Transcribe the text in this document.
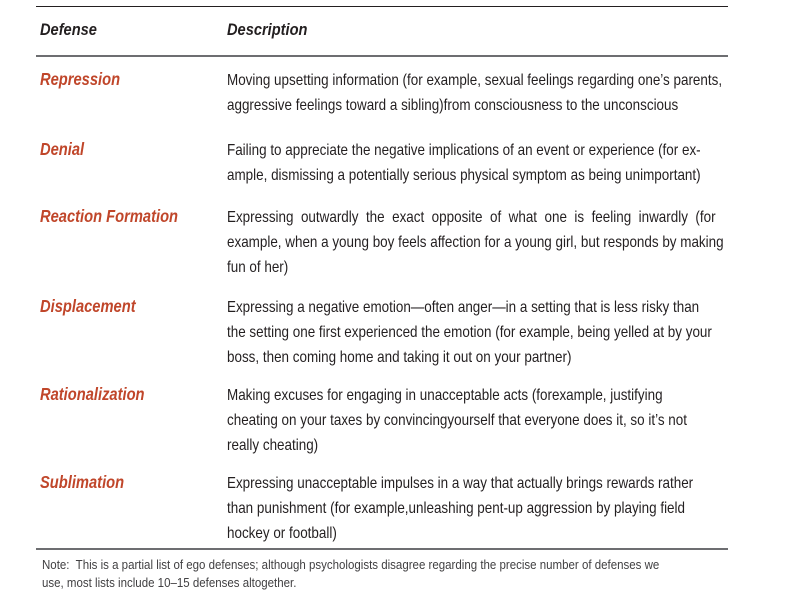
Defense	Description
Repression	Moving upsetting information (for example, sexual feelings regarding one’s parents,
aggressive feelings toward a sibling)from consciousness to the unconscious
Denial	Failing to appreciate the negative implications of an event or experience (for ex-
ample, dismissing a potentially serious physical symptom as being unimportant)
Reaction Formation	Expressing  outwardly  the  exact  opposite  of  what  one  is  feeling  inwardly  (for
example, when a young boy feels affection for a young girl, but responds by making
fun of her)
Displacement	Expressing a negative emotion—often anger—in a setting that is less risky than
the setting one first experienced the emotion (for example, being yelled at by your
boss, then coming home and taking it out on your partner)
Rationalization	Making excuses for engaging in unacceptable acts (forexample, justifying
cheating on your taxes by convincingyourself that everyone does it, so it’s not
really cheating)
Sublimation	Expressing unacceptable impulses in a way that actually brings rewards rather
than punishment (for example,unleashing pent-up aggression by playing field
hockey or football)
Note:  This is a partial list of ego defenses; although psychologists disagree regarding the precise number of defenses we
use, most lists include 10–15 defenses altogether.
